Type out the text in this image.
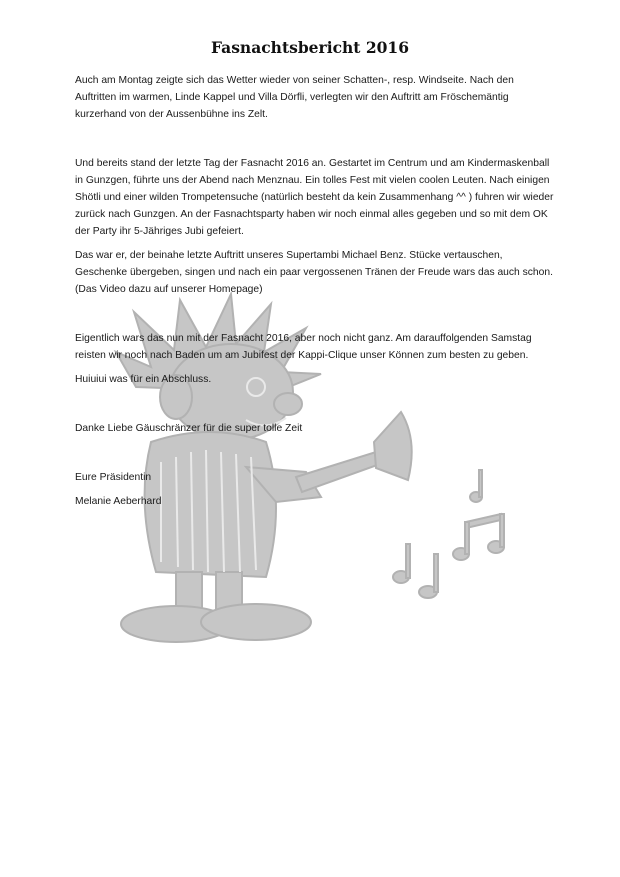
Fasnachtsbericht 2016

Auch am Montag zeigte sich das Wetter wieder von seiner Schatten-, resp. Windseite. Nach den Auftritten im warmen, Linde Kappel und Villa Dörfli, verlegten wir den Auftritt am Fröschemäntig kurzerhand von der Aussenbühne ins Zelt.

Und bereits stand der letzte Tag der Fasnacht 2016 an. Gestartet im Centrum und am Kindermaskenball in Gunzgen, führte uns der Abend nach Menznau. Ein tolles Fest mit vielen coolen Leuten. Nach einigen Shötli und einer wilden Trompetensuche (natürlich besteht da kein Zusammenhang ^^ ) fuhren wir wieder zurück nach Gunzgen. An der Fasnachtsparty haben wir noch einmal alles gegeben und so mit dem OK der Party ihr 5-Jähriges Jubi gefeiert.

Das war er, der beinahe letzte Auftritt unseres Supertambi Michael Benz. Stücke vertauschen, Geschenke übergeben, singen und nach ein paar vergossenen Tränen der Freude wars das auch schon. (Das Video dazu auf unserer Homepage)

Eigentlich wars das nun mit der Fasnacht 2016, aber noch nicht ganz. Am darauffolgenden Samstag reisten wir noch nach Baden um am Jubifest der Kappi-Clique unser Können zum besten zu geben.

Huiuiui was für ein Abschluss.

Danke Liebe Gäuschränzer für die super tolle Zeit

Eure Präsidentin

Melanie Aeberhard
